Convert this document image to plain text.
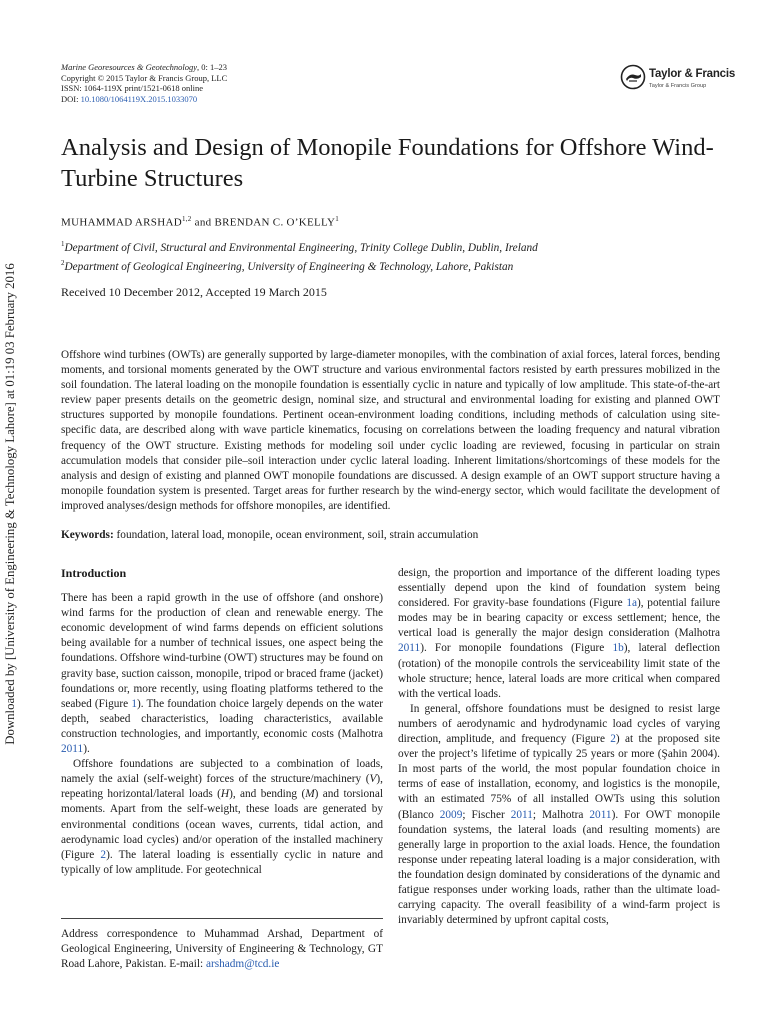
Downloaded by [University of Engineering & Technology Lahore] at 01:19 03 February 2016
Marine Georesources & Geotechnology, 0: 1–23
Copyright © 2015 Taylor & Francis Group, LLC
ISSN: 1064-119X print/1521-0618 online
DOI: 10.1080/1064119X.2015.1033070
Taylor & Francis
Taylor & Francis Group
Analysis and Design of Monopile Foundations for Offshore Wind-Turbine Structures
MUHAMMAD ARSHAD$^{1,2}$ and BRENDAN C. O’KELLY$^1$
$^1$Department of Civil, Structural and Environmental Engineering, Trinity College Dublin, Dublin, Ireland
$^2$Department of Geological Engineering, University of Engineering & Technology, Lahore, Pakistan
Received 10 December 2012, Accepted 19 March 2015

Offshore wind turbines (OWTs) are generally supported by large-diameter monopiles, with the combination of axial forces, lateral forces, bending moments, and torsional moments generated by the OWT structure and various environmental factors resisted by earth pressures mobilized in the soil foundation. The lateral loading on the monopile foundation is essentially cyclic in nature and typically of low amplitude. This state-of-the-art review paper presents details on the geometric design, nominal size, and structural and environmental loading for existing and planned OWT structures supported by monopile foundations. Pertinent ocean-environment loading conditions, including methods of calculation using site-specific data, are described along with wave particle kinematics, focusing on correlations between the loading frequency and natural vibration frequency of the OWT structure. Existing methods for modeling soil under cyclic loading are reviewed, focusing in particular on strain accumulation models that consider pile–soil interaction under cyclic lateral loading. Inherent limitations/shortcomings of these models for the analysis and design of existing and planned OWT monopile foundations are discussed. A design example of an OWT support structure having a monopile foundation system is presented. Target areas for further research by the wind-energy sector, which would facilitate the development of improved analyses/design methods for offshore monopiles, are identified.

Keywords: foundation, lateral load, monopile, ocean environment, soil, strain accumulation
Introduction

There has been a rapid growth in the use of offshore (and onshore) wind farms for the production of clean and renewable energy. The economic development of wind farms depends on efficient solutions being available for a number of technical issues, one aspect being the foundations. Offshore wind-turbine (OWT) structures may be found on gravity base, suction caisson, monopile, tripod or braced frame (jacket) foundations or, more recently, using floating platforms tethered to the seabed (Figure 1). The foundation choice largely depends on the water depth, seabed characteristics, loading characteristics, available construction technologies, and importantly, economic costs (Malhotra 2011).

Offshore foundations are subjected to a combination of loads, namely the axial (self-weight) forces of the structure/machinery (V), repeating horizontal/lateral loads (H), and bending (M) and torsional moments. Apart from the self-weight, these loads are generated by environmental conditions (ocean waves, currents, tidal action, and aerodynamic load cycles) and/or operation of the installed machinery (Figure 2). The lateral loading is essentially cyclic in nature and typically of low amplitude. For geotechnical

Address correspondence to Muhammad Arshad, Department of Geological Engineering, University of Engineering & Technology, GT Road Lahore, Pakistan. E-mail: arshadm@tcd.ie

design, the proportion and importance of the different loading types essentially depend upon the kind of foundation system being considered. For gravity-base foundations (Figure 1a), potential failure modes may be in bearing capacity or excess settlement; hence, the vertical load is generally the major design consideration (Malhotra 2011). For monopile foundations (Figure 1b), lateral deflection (rotation) of the monopile controls the serviceability limit state of the whole structure; hence, lateral loads are more critical when compared with the vertical loads.

In general, offshore foundations must be designed to resist large numbers of aerodynamic and hydrodynamic load cycles of varying direction, amplitude, and frequency (Figure 2) at the proposed site over the project’s lifetime of typically 25 years or more (Şahin 2004). In most parts of the world, the most popular foundation choice in terms of ease of installation, economy, and logistics is the monopile, with an estimated 75% of all installed OWTs using this solution (Blanco 2009; Fischer 2011; Malhotra 2011). For OWT monopile foundation systems, the lateral loads (and resulting moments) are generally large in proportion to the axial loads. Hence, the foundation response under repeating lateral loading is a major consideration, with the foundation design dominated by considerations of the dynamic and fatigue responses under working loads, rather than the ultimate load-carrying capacity. The overall feasibility of a wind-farm project is invariably determined by upfront capital costs,
